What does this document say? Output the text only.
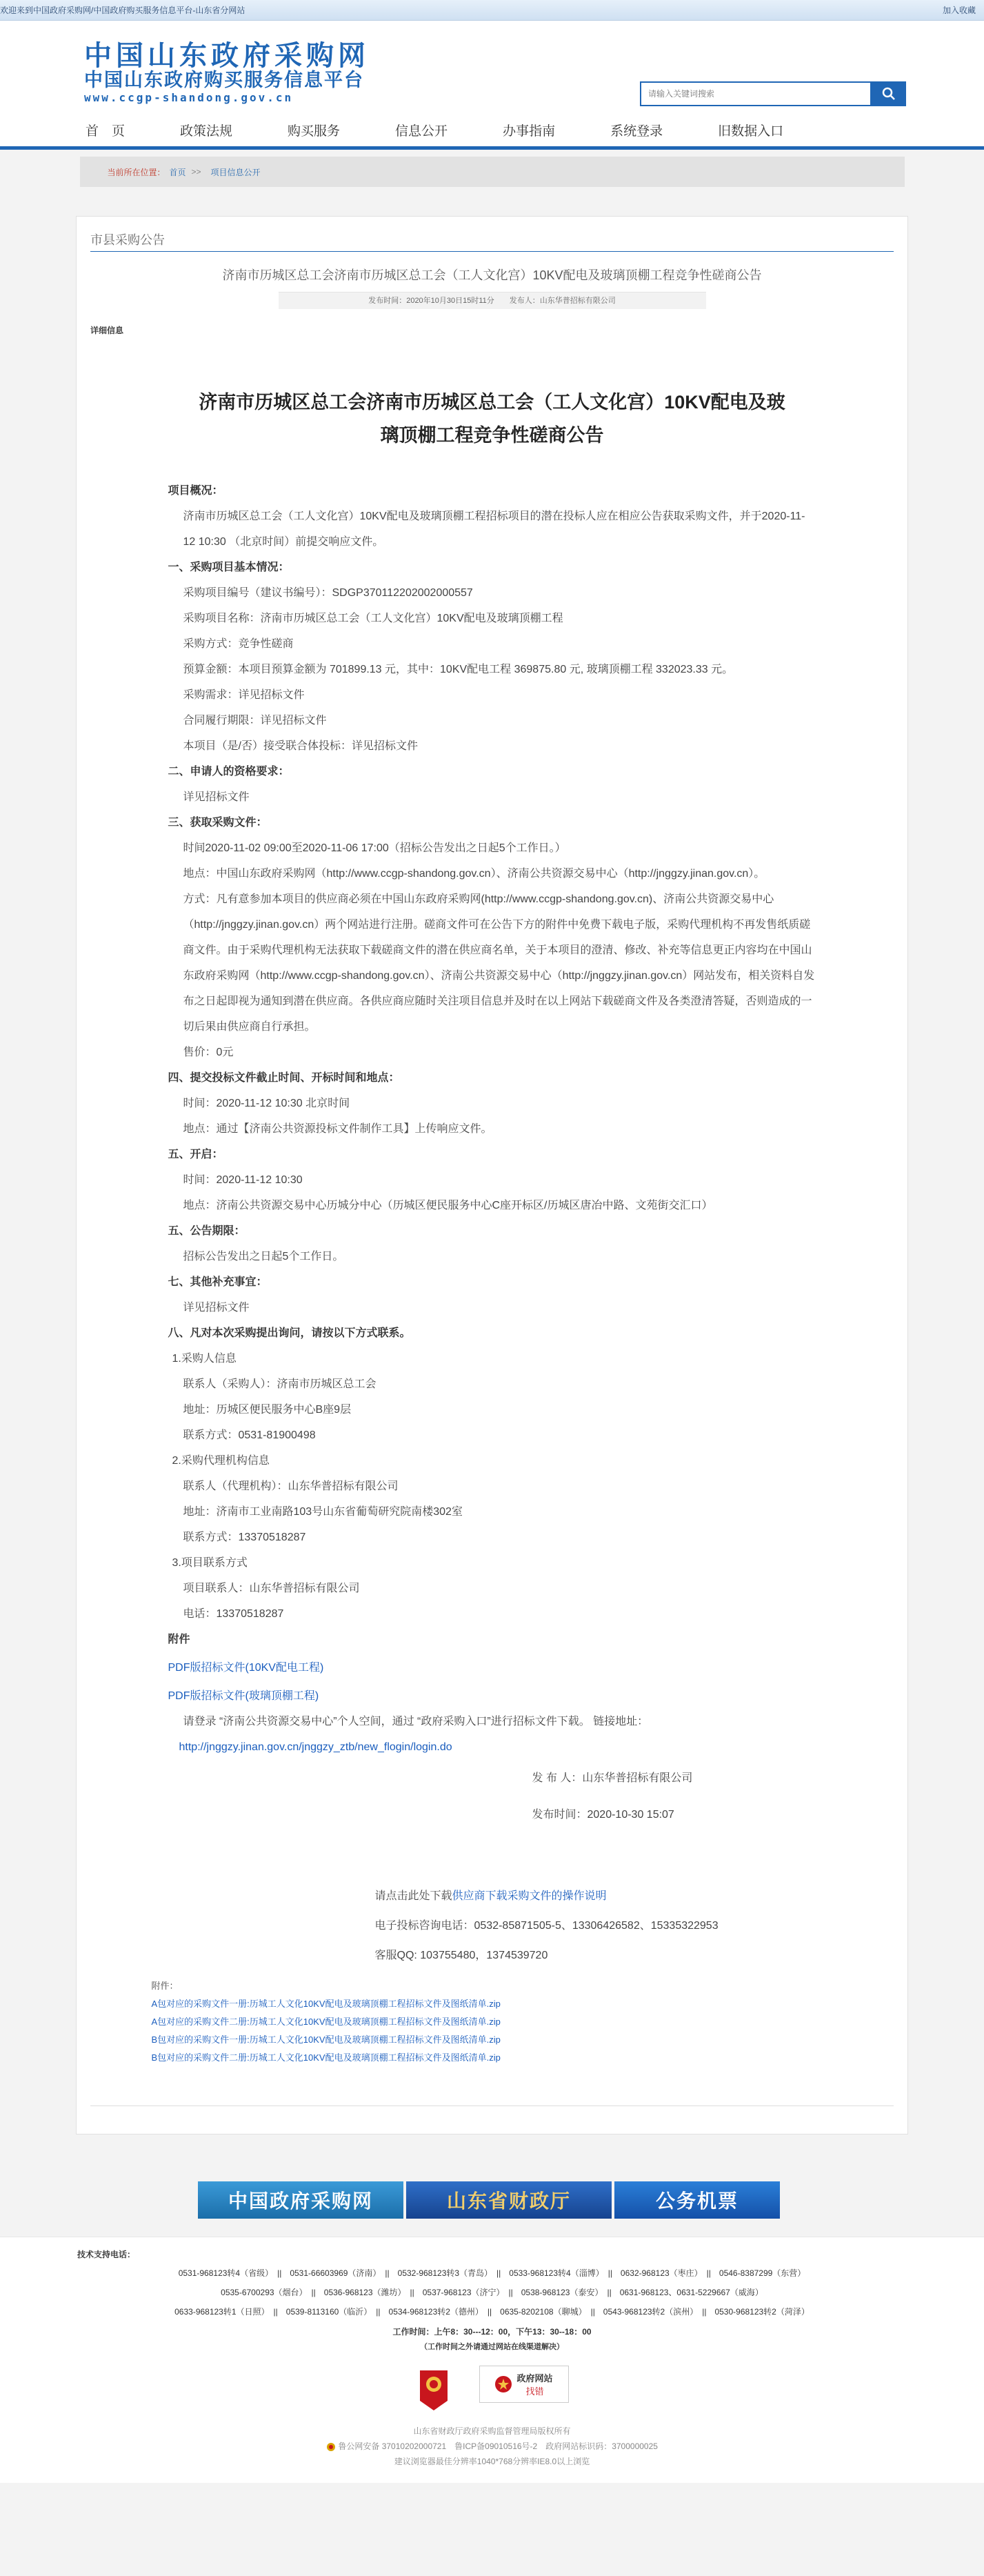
欢迎来到中国政府采购网/中国政府购买服务信息平台-山东省分网站	加入收藏
中国山东政府采购网
中国山东政府购买服务信息平台
www.ccgp-shandong.gov.cn
请输入关键词搜索
首　页	政策法规	购买服务	信息公开	办事指南	系统登录	旧数据入口
当前所在位置： 首页 >> 项目信息公开
市县采购公告
济南市历城区总工会济南市历城区总工会（工人文化宫）10KV配电及玻璃顶棚工程竞争性磋商公告
发布时间：2020年10月30日15时11分　　发布人：山东华普招标有限公司
详细信息
济南市历城区总工会济南市历城区总工会（工人文化宫）10KV配电及玻
璃顶棚工程竞争性磋商公告
项目概况：
济南市历城区总工会（工人文化宫）10KV配电及玻璃顶棚工程招标项目的潜在投标人应在相应公告获取采购文件，并于2020-11-12 10:30 （北京时间）前提交响应文件。
一、采购项目基本情况：
采购项目编号（建议书编号）：SDGP370112202002000557
采购项目名称：济南市历城区总工会（工人文化宫）10KV配电及玻璃顶棚工程
采购方式：竞争性磋商
预算金额：本项目预算金额为 701899.13 元，其中：10KV配电工程 369875.80 元, 玻璃顶棚工程 332023.33 元。
采购需求：详见招标文件
合同履行期限：详见招标文件
本项目（是/否）接受联合体投标：详见招标文件
二、申请人的资格要求：
详见招标文件
三、获取采购文件：
时间2020-11-02 09:00至2020-11-06 17:00（招标公告发出之日起5个工作日。）
地点：中国山东政府采购网（http://www.ccgp-shandong.gov.cn）、济南公共资源交易中心（http://jnggzy.jinan.gov.cn）。
方式：凡有意参加本项目的供应商必须在中国山东政府采购网(http://www.ccgp-shandong.gov.cn)、济南公共资源交易中心（http://jnggzy.jinan.gov.cn）两个网站进行注册。磋商文件可在公告下方的附件中免费下载电子版，采购代理机构不再发售纸质磋商文件。由于采购代理机构无法获取下载磋商文件的潜在供应商名单，关于本项目的澄清、修改、补充等信息更正内容均在中国山东政府采购网（http://www.ccgp-shandong.gov.cn）、济南公共资源交易中心（http://jnggzy.jinan.gov.cn）网站发布，相关资料自发布之日起即视为通知到潜在供应商。各供应商应随时关注项目信息并及时在以上网站下载磋商文件及各类澄清答疑，否则造成的一切后果由供应商自行承担。
售价：0元
四、提交投标文件截止时间、开标时间和地点：
时间：2020-11-12 10:30 北京时间
地点：通过【济南公共资源投标文件制作工具】上传响应文件。
五、开启：
时间：2020-11-12 10:30
地点：济南公共资源交易中心历城分中心（历城区便民服务中心C座开标区/历城区唐冶中路、文苑街交汇口）
五、公告期限：
招标公告发出之日起5个工作日。
七、其他补充事宜：
详见招标文件
八、凡对本次采购提出询问，请按以下方式联系。
1.采购人信息
联系人（采购人）：济南市历城区总工会
地址：历城区便民服务中心B座9层
联系方式：0531-81900498
2.采购代理机构信息
联系人（代理机构）：山东华普招标有限公司
地址：济南市工业南路103号山东省葡萄研究院南楼302室
联系方式：13370518287
3.项目联系方式
项目联系人：山东华普招标有限公司
电话：13370518287
附件
PDF版招标文件(10KV配电工程)
PDF版招标文件(玻璃顶棚工程)
请登录 “济南公共资源交易中心”个人空间，通过 “政府采购入口”进行招标文件下载。 链接地址：
http://jnggzy.jinan.gov.cn/jnggzy_ztb/new_flogin/login.do
发 布 人：山东华普招标有限公司
发布时间：2020-10-30 15:07
请点击此处下载供应商下载采购文件的操作说明
电子投标咨询电话：0532-85871505-5、13306426582、15335322953
客服QQ: 103755480，1374539720
附件：
A包对应的采购文件一册:历城工人文化10KV配电及玻璃顶棚工程招标文件及图纸清单.zip
A包对应的采购文件二册:历城工人文化10KV配电及玻璃顶棚工程招标文件及图纸清单.zip
B包对应的采购文件一册:历城工人文化10KV配电及玻璃顶棚工程招标文件及图纸清单.zip
B包对应的采购文件二册:历城工人文化10KV配电及玻璃顶棚工程招标文件及图纸清单.zip
中国政府采购网	山东省财政厅	公务机票
技术支持电话：
0531-968123转4（省级）　||　0531-66603969（济南）　||　0532-968123转3（青岛）　||　0533-968123转4（淄博）　||　0632-968123（枣庄）　||　0546-8387299（东营）
0535-6700293（烟台）　||　0536-968123（潍坊）　||　0537-968123（济宁）　||　0538-968123（泰安）　||　0631-968123、0631-5229667（威海）
0633-968123转1（日照）　||　0539-8113160（临沂）　||　0534-968123转2（德州）　||　0635-8202108（聊城）　||　0543-968123转2（滨州）　||　0530-968123转2（菏泽）
工作时间：上午8：30---12：00，下午13：30--18：00
（工作时间之外请通过网站在线渠道解决）
政府网站
找错
山东省财政厅政府采购监督管理局版权所有
鲁公网安备 37010202000721　鲁ICP备09010516号-2　政府网站标识码：3700000025
建议浏览器最佳分辨率1040*768分辨率IE8.0以上浏览
